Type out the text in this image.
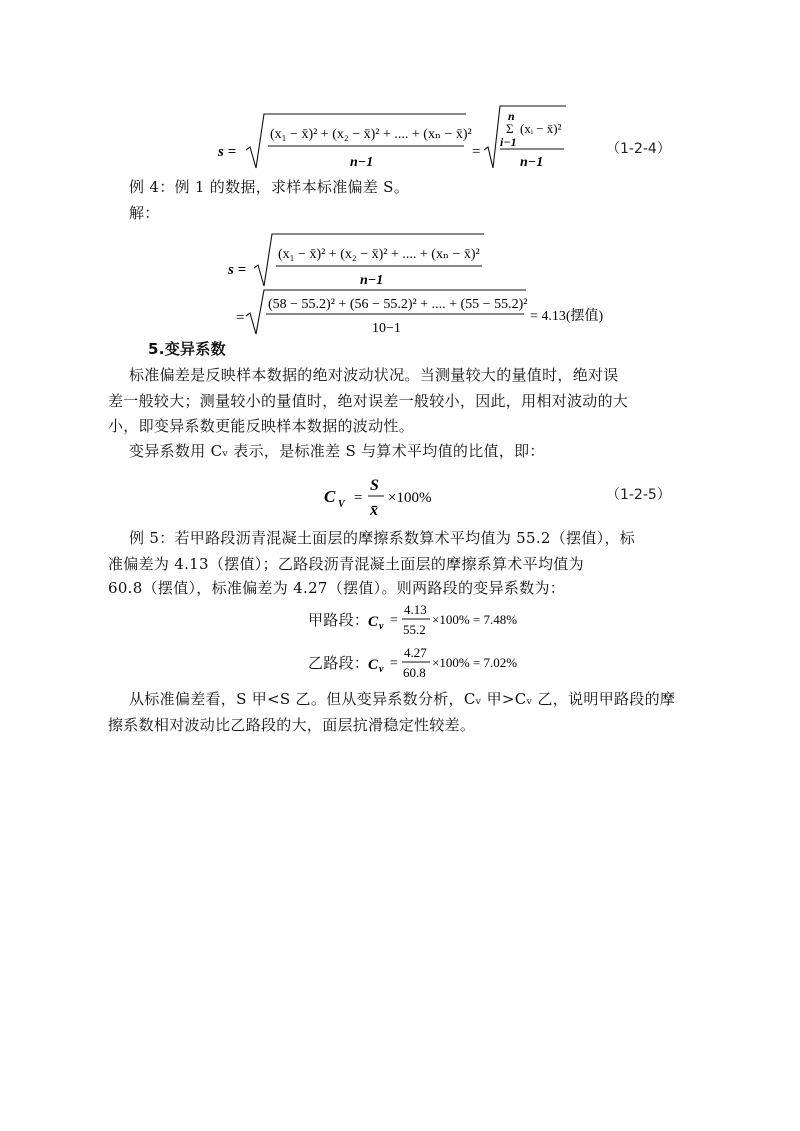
s =
(x₁ − x̄)² + (x₂ − x̄)² + .... + (xₙ − x̄)²
n−1
=
n
Σ (xᵢ − x̄)²
i−1
n−1
（1-2-4）
例 4：例 1 的数据，求样本标准偏差 S。
解：
s =
(x₁ − x̄)² + (x₂ − x̄)² + .... + (xₙ − x̄)²
n−1
=
(58 − 55.2)² + (56 − 55.2)² + .... + (55 − 55.2)²
10−1
= 4.13(摆值)
5.变异系数
标准偏差是反映样本数据的绝对波动状况。当测量较大的量值时，绝对误
差一般较大；测量较小的量值时，绝对误差一般较小，因此，用相对波动的大
小，即变异系数更能反映样本数据的波动性。
变异系数用 Cᵥ 表示，是标准差 S 与算术平均值的比值，即：
C V =
S
x̄
×100%	（1-2-5）
例 5：若甲路段沥青混凝土面层的摩擦系数算术平均值为 55.2（摆值），标
准偏差为 4.13（摆值）；乙路段沥青混凝土面层的摩擦系算术平均值为
60.8（摆值），标准偏差为 4.27（摆值）。则两路段的变异系数为：
甲路段：
C v =
4.13
55.2
×100% = 7.48%
乙路段：
C v =
4.27
60.8
×100% = 7.02%
从标准偏差看，S 甲<S 乙。但从变异系数分析，Cᵥ 甲>Cᵥ 乙，说明甲路段的摩
擦系数相对波动比乙路段的大，面层抗滑稳定性较差。
